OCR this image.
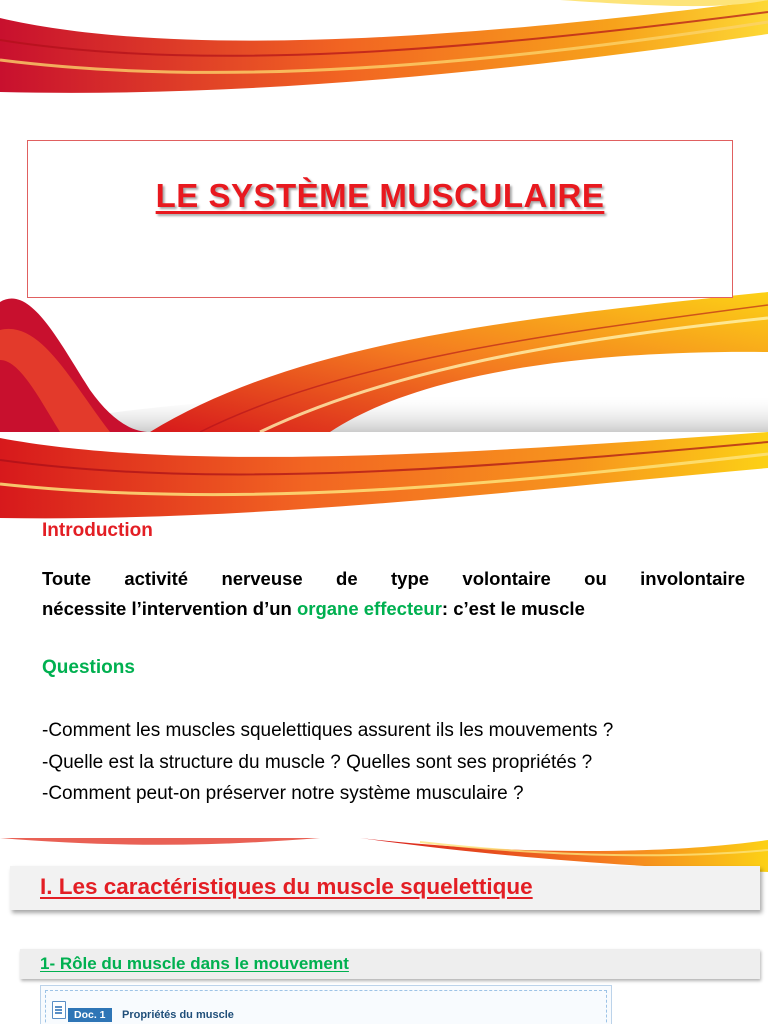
LE SYSTÈME MUSCULAIRE
Introduction
Toute activité nerveuse de type volontaire ou involontaire
nécessite l’intervention d’un organe effecteur: c’est le muscle
Questions
-Comment les muscles squelettiques assurent ils les mouvements ?
-Quelle est la structure du muscle ? Quelles sont ses propriétés ?
-Comment peut-on préserver notre système musculaire ?
I. Les caractéristiques du muscle squelettique
1- Rôle du muscle dans le mouvement
Doc. 1	Propriétés du muscle
